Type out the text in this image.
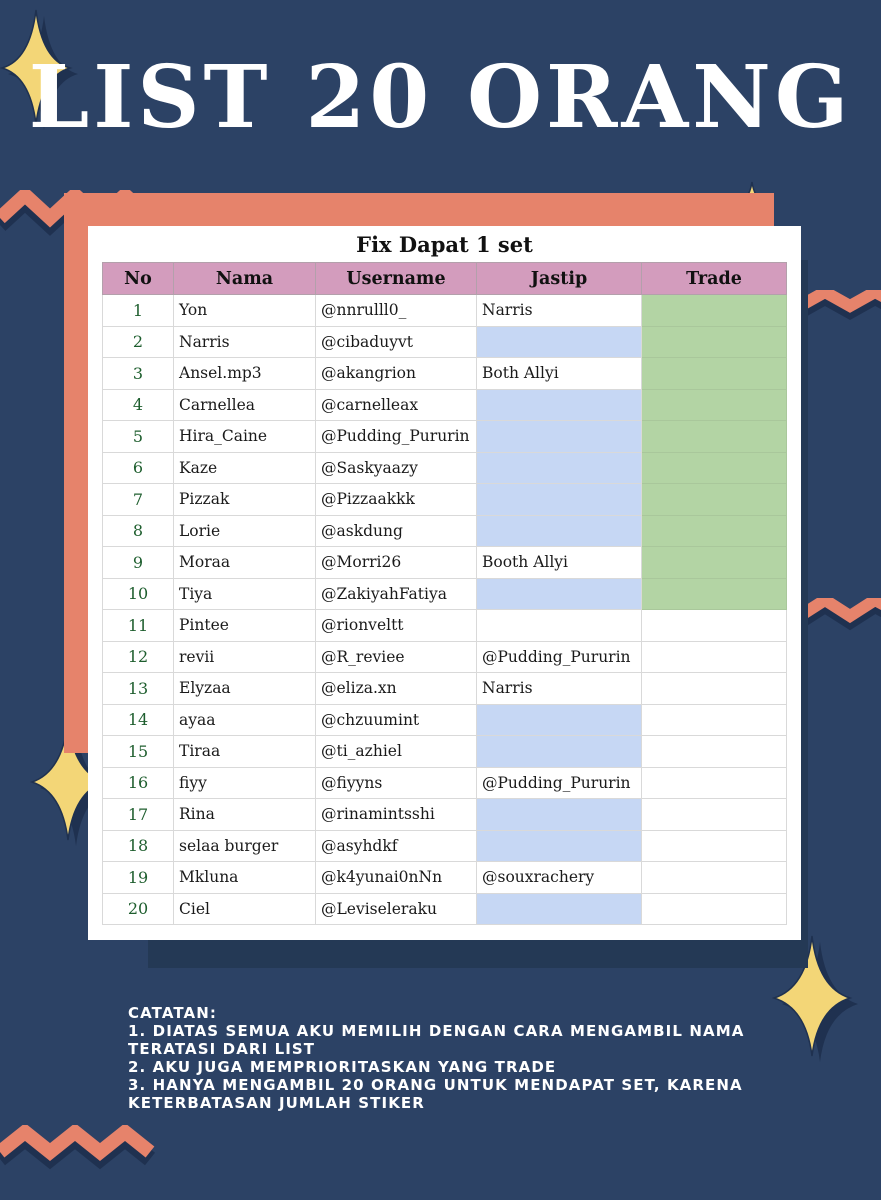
LIST 20 ORANG
Fix Dapat 1 set
No	Nama	Username	Jastip	Trade
1	Yon	@nnrulll0_	Narris	
2	Narris	@cibaduyvt		
3	Ansel.mp3	@akangrion	Both Allyi	
4	Carnellea	@carnelleax		
5	Hira_Caine	@Pudding_Pururin		
6	Kaze	@Saskyaazy		
7	Pizzak	@Pizzaakkk		
8	Lorie	@askdung		
9	Moraa	@Morri26	Booth Allyi	
10	Tiya	@ZakiyahFatiya		
11	Pintee	@rionveltt		
12	revii	@R_reviee	@Pudding_Pururin	
13	Elyzaa	@eliza.xn	Narris	
14	ayaa	@chzuumint		
15	Tiraa	@ti_azhiel		
16	fiyy	@fiyyns	@Pudding_Pururin	
17	Rina	@rinamintsshi		
18	selaa burger	@asyhdkf		
19	Mkluna	@k4yunai0nNn	@souxrachery	
20	Ciel	@Leviseleraku		
CATATAN:
1. DIATAS SEMUA AKU MEMILIH DENGAN CARA MENGAMBIL NAMA
TERATASI DARI LIST
2. AKU JUGA MEMPRIORITASKAN YANG TRADE
3. HANYA MENGAMBIL 20 ORANG UNTUK MENDAPAT SET, KARENA
KETERBATASAN JUMLAH STIKER
